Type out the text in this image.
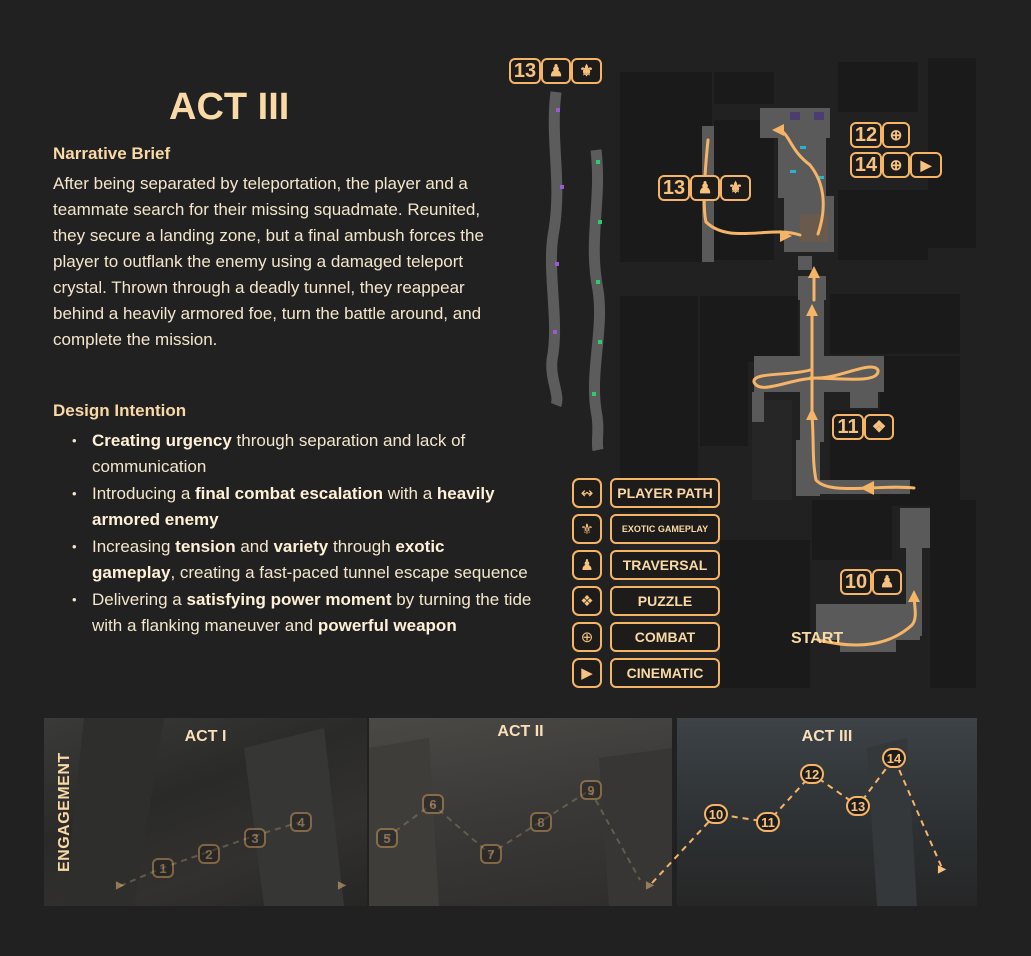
ACT III
Narrative Brief
After being separated by teleportation, the player and a teammate search for their missing squadmate. Reunited, they secure a landing zone, but a final ambush forces the player to outflank the enemy using a damaged teleport crystal. Thrown through a deadly tunnel, they reappear behind a heavily armored foe, turn the battle around, and complete the mission.
Design Intention
• Creating urgency through separation and lack of communication
• Introducing a final combat escalation with a heavily armored enemy
• Increasing tension and variety through exotic gameplay, creating a fast-paced tunnel escape sequence
• Delivering a satisfying power moment by turning the tide with a flanking maneuver and powerful weapon
13 ♟	⚜
12 ⊕
14 ⊕	▶
13 ♟	⚜
11 ❖
10 ♟
START
↭	PLAYER PATH
⚜	EXOTIC GAMEPLAY
♟	TRAVERSAL
❖	PUZZLE
⊕	COMBAT
▶	CINEMATIC
ACT I	ACT II	ACT III
1
2
3
4
5
6
7
8
9
10
11
12
13
14
▶
▶	▶	▶
ENGAGEMENT
